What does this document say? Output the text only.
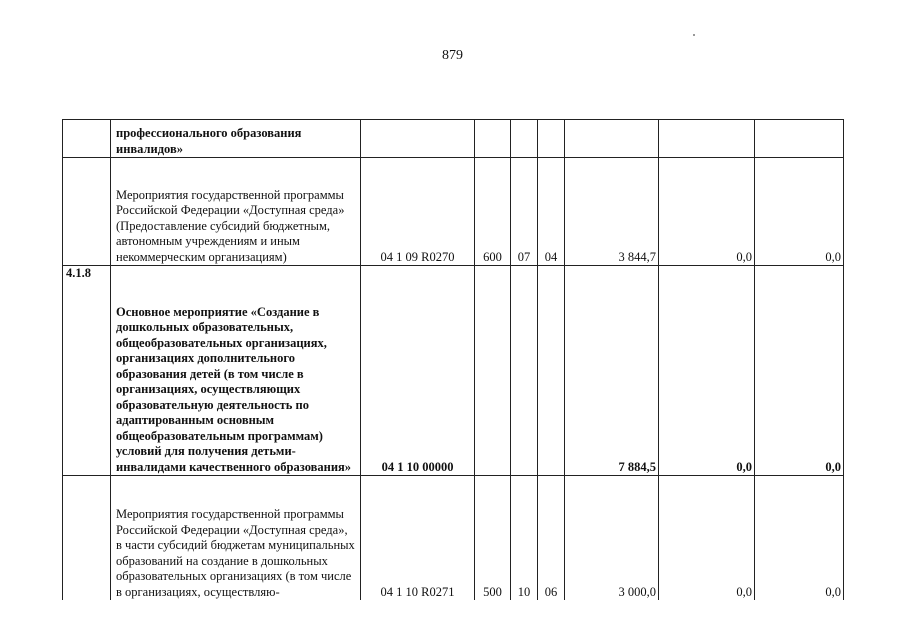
879
	профессионального образования инвалидов»							
	Мероприятия государственной программы Российской Федерации «Доступная среда» (Предоставление субсидий бюджетным, автономным учреждениям и иным некоммерческим организациям)	04 1 09 R0270	600	07	04	3 844,7	0,0	0,0
4.1.8	Основное мероприятие «Создание в дошкольных образовательных, общеобразовательных организациях, организациях дополнительного образования детей (в том числе в организациях, осуществляющих образовательную деятельность по адаптированным основным общеобразовательным программам) условий для получения детьми-инвалидами качественного образования»	04 1 10 00000				7 884,5	0,0	0,0
	Мероприятия государственной программы Российской Федерации «Доступная среда», в части субсидий бюджетам муниципальных образований на создание в дошкольных образовательных организациях (в том числе в организациях, осуществляю-	04 1 10 R0271	500	10	06	3 000,0	0,0	0,0
